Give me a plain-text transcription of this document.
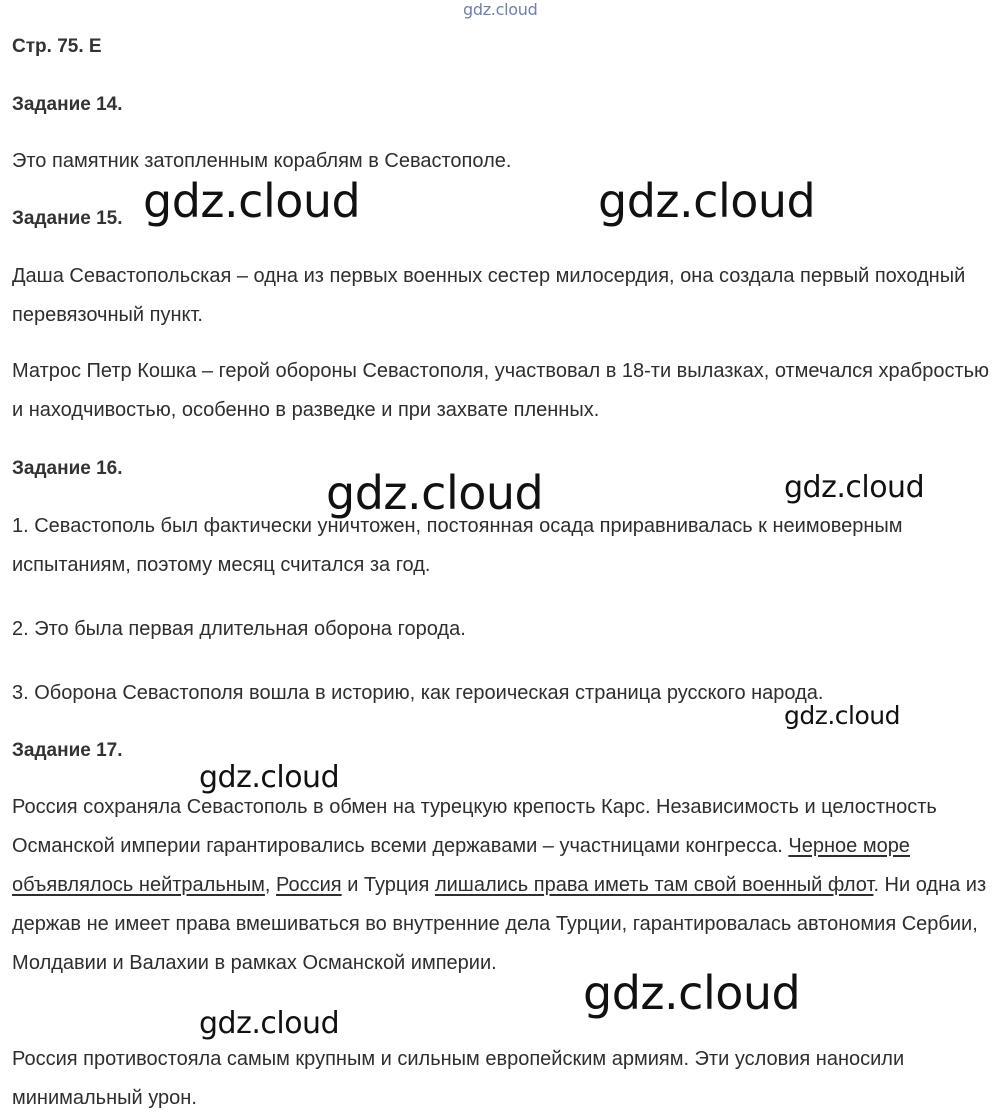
gdz.cloud
Стр. 75. Е
Задание 14.

Это памятник затопленным кораблям в Севастополе.

Задание 15.

Даша Севастопольская – одна из первых военных сестер милосердия, она создала первый походный перевязочный пункт.

Матрос Петр Кошка – герой обороны Севастополя, участвовал в 18-ти вылазках, отмечался храбростью и находчивостью, особенно в разведке и при захвате пленных.

Задание 16.

1. Севастополь был фактически уничтожен, постоянная осада приравнивалась к неимоверным испытаниям, поэтому месяц считался за год.

2. Это была первая длительная оборона города.

3. Оборона Севастополя вошла в историю, как героическая страница русского народа.

Задание 17.

Россия сохраняла Севастополь в обмен на турецкую крепость Карс. Независимость и целостность Османской империи гарантировались всеми державами – участницами конгресса. Черное море объявлялось нейтральным, Россия и Турция лишались права иметь там свой военный флот. Ни одна из держав не имеет права вмешиваться во внутренние дела Турции, гарантировалась автономия Сербии, Молдавии и Валахии в рамках Османской империи.

Россия противостояла самым крупным и сильным европейским армиям. Эти условия наносили минимальный урон.

gdz.cloud	gdz.cloud
gdz.cloud	gdz.cloud
gdz.cloud
gdz.cloud
gdz.cloud
gdz.cloud
